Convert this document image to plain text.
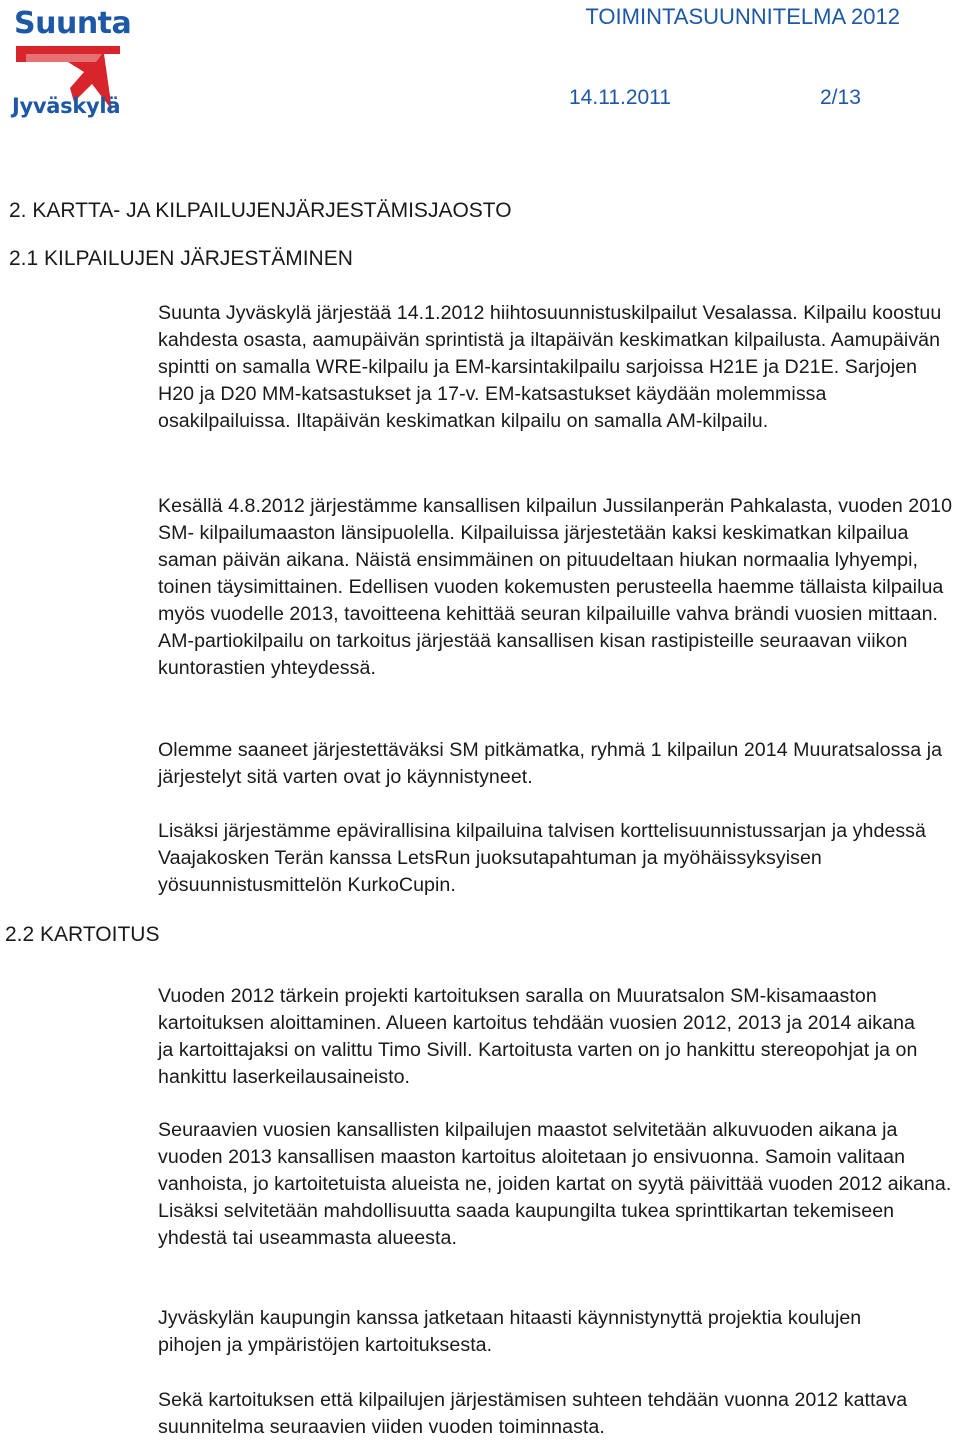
Suunta
Jyväskylä
TOIMINTASUUNNITELMA 2012
14.11.2011	2/13
2. KARTTA- JA KILPAILUJENJÄRJESTÄMISJAOSTO
2.1 KILPAILUJEN JÄRJESTÄMINEN
2.2 KARTOITUS

Suunta Jyväskylä järjestää 14.1.2012 hiihtosuunnistuskilpailut Vesalassa. Kilpailu koostuu kahdesta osasta, aamupäivän sprintistä ja iltapäivän keskimatkan kilpailusta. Aamupäivän spintti on samalla WRE-kilpailu ja EM-karsintakilpailu sarjoissa H21E ja D21E. Sarjojen H20 ja D20 MM-katsastukset ja 17-v. EM-katsastukset käydään molemmissa osakilpailuissa. Iltapäivän keskimatkan kilpailu on samalla AM-kilpailu.

Kesällä 4.8.2012 järjestämme kansallisen kilpailun Jussilanperän Pahkalasta, vuoden 2010 SM- kilpailumaaston länsipuolella. Kilpailuissa järjestetään kaksi keskimatkan kilpailua saman päivän aikana. Näistä ensimmäinen on pituudeltaan hiukan normaalia lyhyempi, toinen täysimittainen. Edellisen vuoden kokemusten perusteella haemme tällaista kilpailua myös vuodelle 2013, tavoitteena kehittää seuran kilpailuille vahva brändi vuosien mittaan. AM-partiokilpailu on tarkoitus järjestää kansallisen kisan rastipisteille seuraavan viikon kuntorastien yhteydessä.

Olemme saaneet järjestettäväksi SM pitkämatka, ryhmä 1 kilpailun 2014 Muuratsalossa ja järjestelyt sitä varten ovat jo käynnistyneet.

Lisäksi järjestämme epävirallisina kilpailuina talvisen korttelisuunnistussarjan ja yhdessä Vaajakosken Terän kanssa LetsRun juoksutapahtuman ja myöhäissyksyisen yösuunnistusmittelön KurkoCupin.

Vuoden 2012 tärkein projekti kartoituksen saralla on Muuratsalon SM-kisamaaston kartoituksen aloittaminen. Alueen kartoitus tehdään vuosien 2012, 2013 ja 2014 aikana ja kartoittajaksi on valittu Timo Sivill. Kartoitusta varten on jo hankittu stereopohjat ja on hankittu laserkeilausaineisto.

Seuraavien vuosien kansallisten kilpailujen maastot selvitetään alkuvuoden aikana ja vuoden 2013 kansallisen maaston kartoitus aloitetaan jo ensivuonna. Samoin valitaan vanhoista, jo kartoitetuista alueista ne, joiden kartat on syytä päivittää vuoden 2012 aikana. Lisäksi selvitetään mahdollisuutta saada kaupungilta tukea sprinttikartan tekemiseen yhdestä tai useammasta alueesta.

Jyväskylän kaupungin kanssa jatketaan hitaasti käynnistynyttä projektia koulujen pihojen ja ympäristöjen kartoituksesta.

Sekä kartoituksen että kilpailujen järjestämisen suhteen tehdään vuonna 2012 kattava suunnitelma seuraavien viiden vuoden toiminnasta.
